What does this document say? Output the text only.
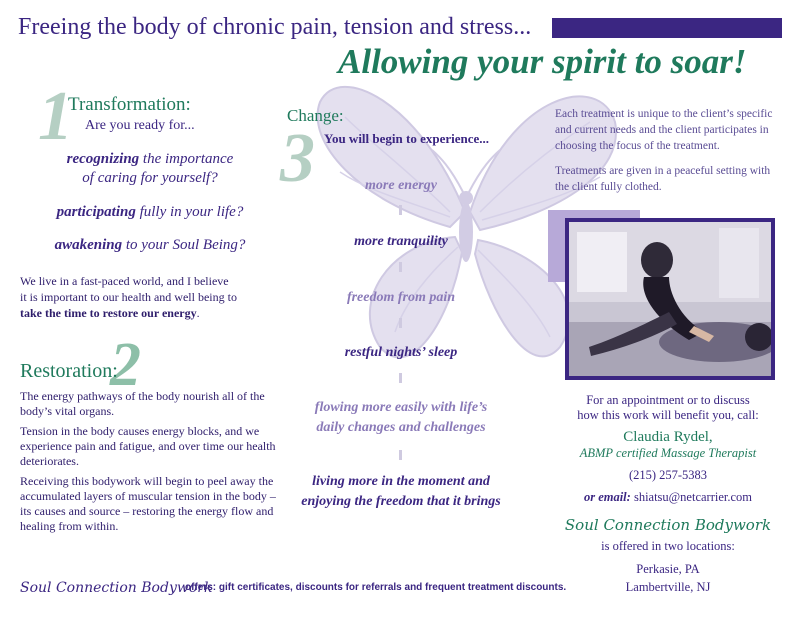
Freeing the body of chronic pain, tension and stress...
Allowing your spirit to soar!
1
Transformation:
Are you ready for...
recognizing the importance
of caring for yourself?
participating fully in your life?
awakening to your Soul Being?
We live in a fast-paced world, and I believe
it is important to our health and well being to
take the time to restore our energy.
2
Restoration:
The energy pathways of the body nourish all of the body’s vital organs.
Tension in the body causes energy blocks, and we experience pain and fatigue, and over time our health deteriorates.
Receiving this bodywork will begin to peel away the accumulated layers of muscular tension in the body – its causes and source – restoring the energy flow and healing from within.
Change:
3 You will begin to experience...
more energy
more tranquility
freedom from pain
restful nights’ sleep
flowing more easily with life’s
daily changes and challenges
living more in the moment and
enjoying the freedom that it brings
Each treatment is unique to the client’s specific and current needs and the client participates in choosing the focus of the treatment.
Treatments are given in a peaceful setting with the client fully clothed.
For an appointment or to discuss
how this work will benefit you, call:
Claudia Rydel,
ABMP certified Massage Therapist
(215) 257-5383
or email: shiatsu@netcarrier.com
Soul Connection Bodywork
is offered in two locations:
Perkasie, PA
Lambertville, NJ
Soul Connection Bodywork
offers: gift certificates, discounts for referrals and frequent treatment discounts.
